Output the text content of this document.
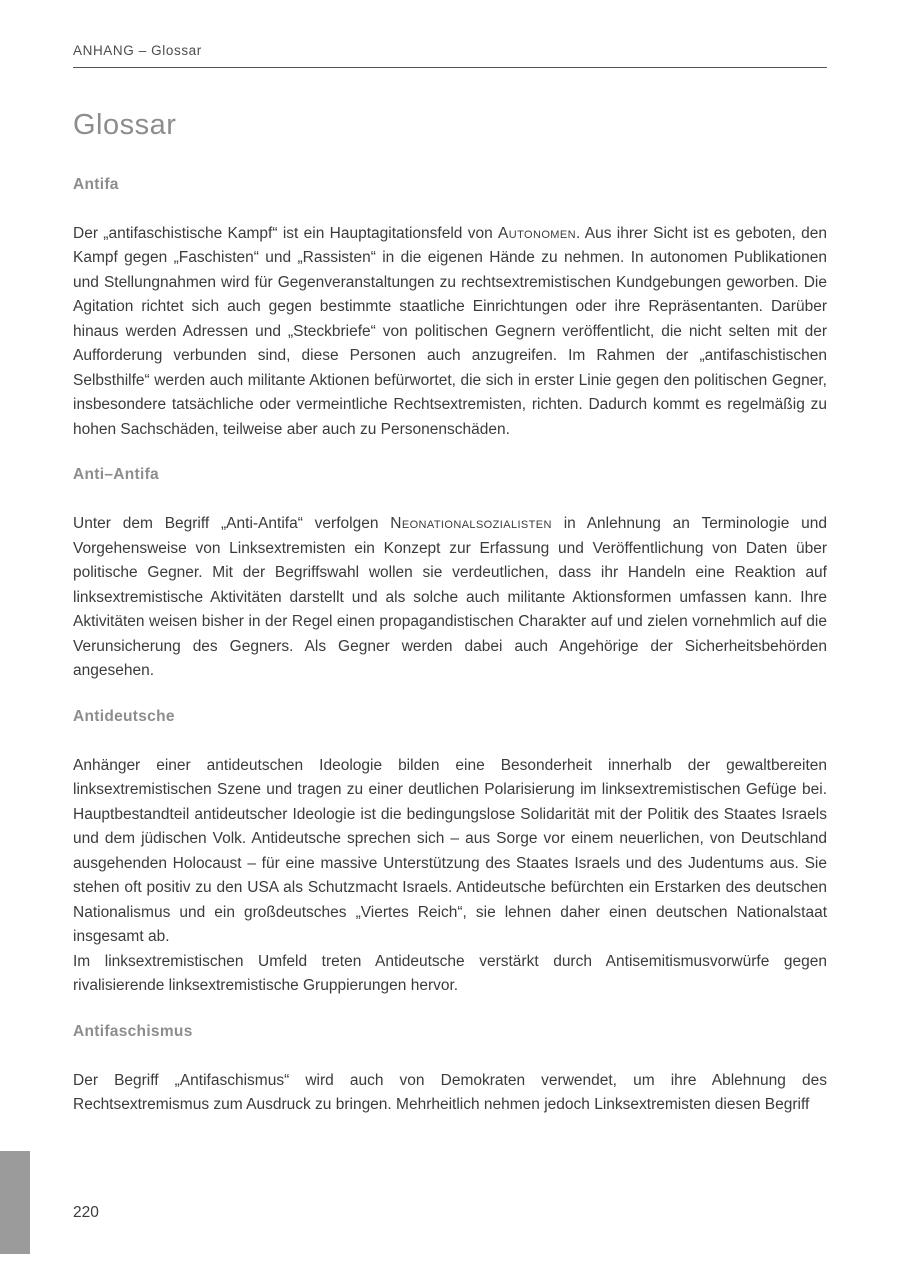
ANHANG – Glossar
Glossar
Antifa

Der „antifaschistische Kampf“ ist ein Hauptagitationsfeld von Autonomen. Aus ihrer Sicht ist es geboten, den Kampf gegen „Faschisten“ und „Rassisten“ in die eigenen Hände zu nehmen. In autonomen Publikationen und Stellungnahmen wird für Gegenveranstaltungen zu rechtsextremistischen Kundgebungen geworben. Die Agitation richtet sich auch gegen bestimmte staatliche Einrichtungen oder ihre Repräsentanten. Darüber hinaus werden Adressen und „Steckbriefe“ von politischen Gegnern veröffentlicht, die nicht selten mit der Aufforderung verbunden sind, diese Personen auch anzugreifen. Im Rahmen der „antifaschistischen Selbsthilfe“ werden auch militante Aktionen befürwortet, die sich in erster Linie gegen den politischen Gegner, insbesondere tatsächliche oder vermeintliche Rechtsextremisten, richten. Dadurch kommt es regelmäßig zu hohen Sachschäden, teilweise aber auch zu Personenschäden.

Anti–Antifa

Unter dem Begriff „Anti-Antifa“ verfolgen Neonationalsozialisten in Anlehnung an Terminologie und Vorgehensweise von Linksextremisten ein Konzept zur Erfassung und Veröffentlichung von Daten über politische Gegner. Mit der Begriffswahl wollen sie verdeutlichen, dass ihr Handeln eine Reaktion auf linksextremistische Aktivitäten darstellt und als solche auch militante Aktionsformen umfassen kann. Ihre Aktivitäten weisen bisher in der Regel einen propagandistischen Charakter auf und zielen vornehmlich auf die Verunsicherung des Gegners. Als Gegner werden dabei auch Angehörige der Sicherheitsbehörden angesehen.

Antideutsche

Anhänger einer antideutschen Ideologie bilden eine Besonderheit innerhalb der gewaltbereiten linksextremistischen Szene und tragen zu einer deutlichen Polarisierung im linksextremistischen Gefüge bei. Hauptbestandteil antideutscher Ideologie ist die bedingungslose Solidarität mit der Politik des Staates Israels und dem jüdischen Volk. Antideutsche sprechen sich – aus Sorge vor einem neuerlichen, von Deutschland ausgehenden Holocaust – für eine massive Unterstützung des Staates Israels und des Judentums aus. Sie stehen oft positiv zu den USA als Schutzmacht Israels. Antideutsche befürchten ein Erstarken des deutschen Nationalismus und ein großdeutsches „Viertes Reich“, sie lehnen daher einen deutschen Nationalstaat insgesamt ab.

Im linksextremistischen Umfeld treten Antideutsche verstärkt durch Antisemitismusvorwürfe gegen rivalisierende linksextremistische Gruppierungen hervor.

Antifaschismus

Der Begriff „Antifaschismus“ wird auch von Demokraten verwendet, um ihre Ablehnung des Rechtsextremismus zum Ausdruck zu bringen. Mehrheitlich nehmen jedoch Linksextremisten diesen Begriff

220
